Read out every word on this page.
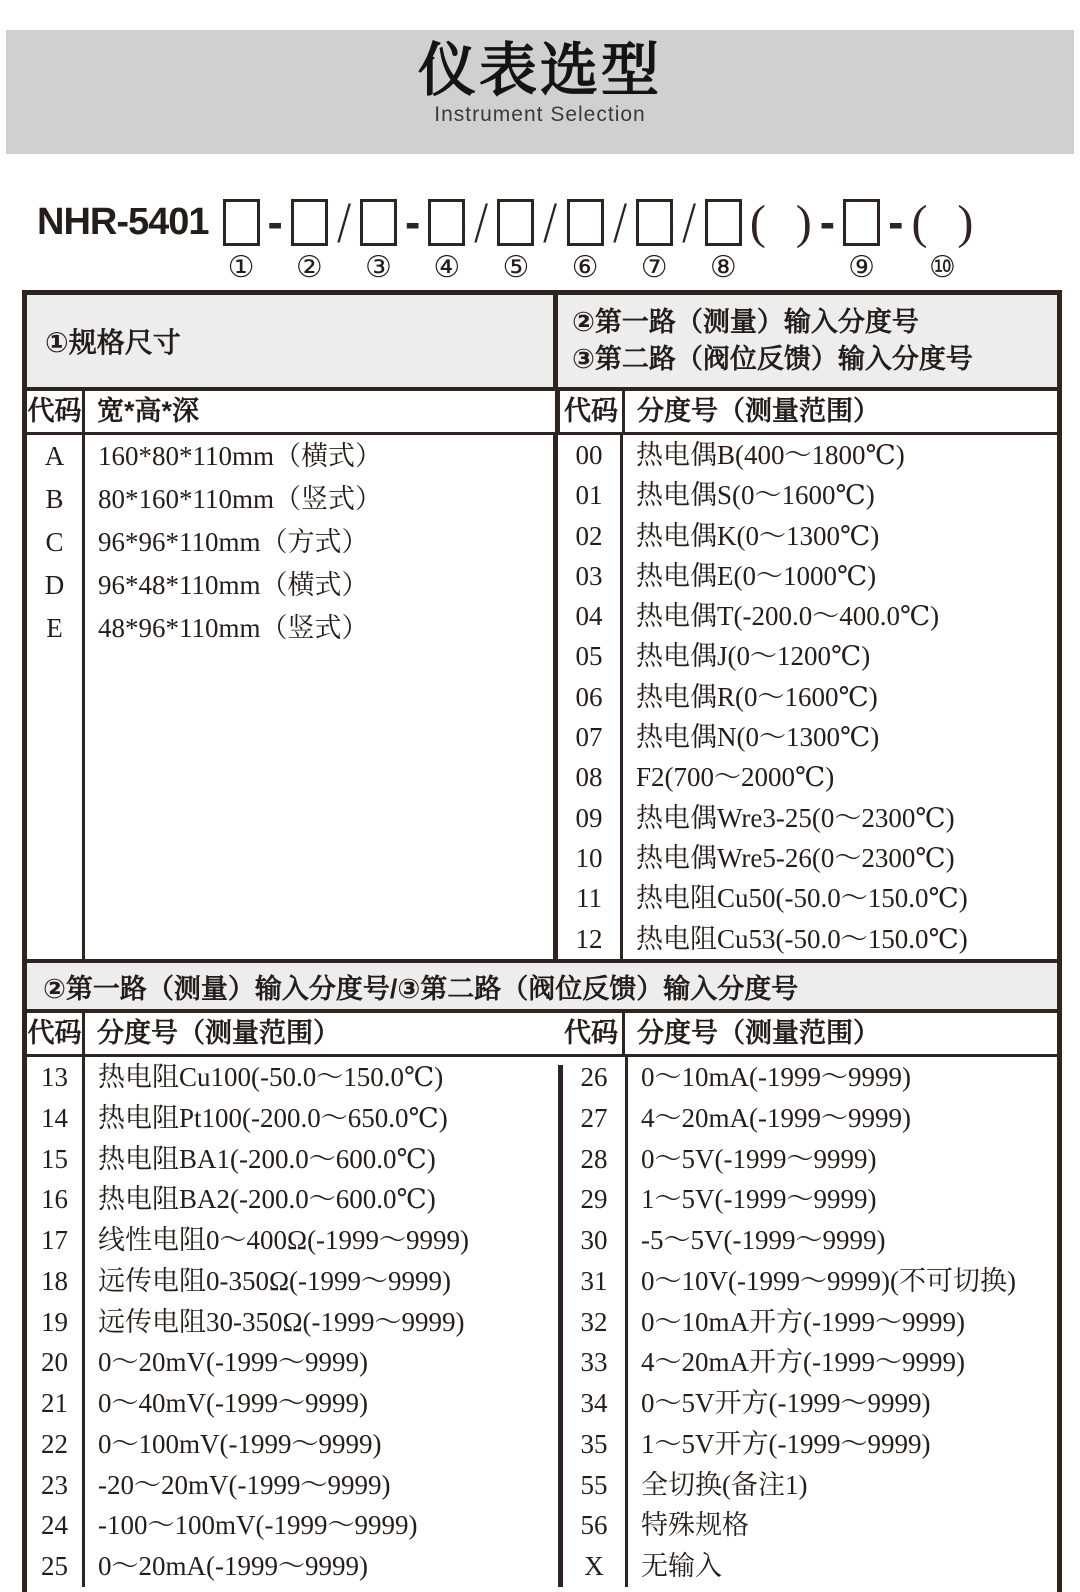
仪表选型
Instrument Selection
NHR-5401
①
-
②
/
③
-
④
/
⑤
/
⑥
/
⑦
/
⑧
( ) -
⑨
- ( )
⑩
①规格尺寸
②第一路（测量）输入分度号
③第二路（阀位反馈）输入分度号
代码 宽*高*深	代码 分度号（测量范围）
A
B
C
D
E
160*80*110mm（横式）
80*160*110mm（竖式）
96*96*110mm（方式）
96*48*110mm（横式）
48*96*110mm（竖式）
00
01
02
03
04
05
06
07
08
09
10
11
12
热电偶B(400～1800℃)
热电偶S(0～1600℃)
热电偶K(0～1300℃)
热电偶E(0～1000℃)
热电偶T(-200.0～400.0℃)
热电偶J(0～1200℃)
热电偶R(0～1600℃)
热电偶N(0～1300℃)
F2(700～2000℃)
热电偶Wre3-25(0～2300℃)
热电偶Wre5-26(0～2300℃)
热电阻Cu50(-50.0～150.0℃)
热电阻Cu53(-50.0～150.0℃)
②第一路（测量）输入分度号/③第二路（阀位反馈）输入分度号
代码 分度号（测量范围）	代码 分度号（测量范围）
13
14
15
16
17
18
19
20
21
22
23
24
25
热电阻Cu100(-50.0～150.0℃)
热电阻Pt100(-200.0～650.0℃)
热电阻BA1(-200.0～600.0℃)
热电阻BA2(-200.0～600.0℃)
线性电阻0～400Ω(-1999～9999)
远传电阻0-350Ω(-1999～9999)
远传电阻30-350Ω(-1999～9999)
0～20mV(-1999～9999)
0～40mV(-1999～9999)
0～100mV(-1999～9999)
-20～20mV(-1999～9999)
-100～100mV(-1999～9999)
0～20mA(-1999～9999)
26
27
28
29
30
31
32
33
34
35
55
56
X
0～10mA(-1999～9999)
4～20mA(-1999～9999)
0～5V(-1999～9999)
1～5V(-1999～9999)
-5～5V(-1999～9999)
0～10V(-1999～9999)(不可切换)
0～10mA开方(-1999～9999)
4～20mA开方(-1999～9999)
0～5V开方(-1999～9999)
1～5V开方(-1999～9999)
全切换(备注1)
特殊规格
无输入
